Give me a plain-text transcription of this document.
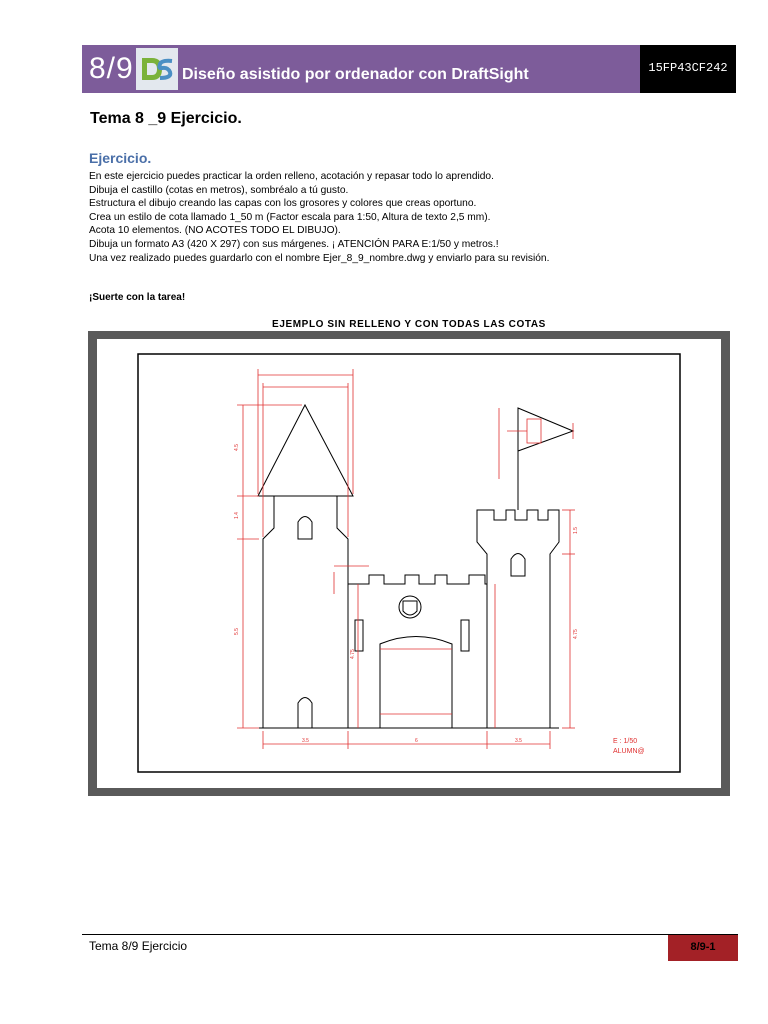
8/9	Diseño asistido por ordenador con DraftSight	15FP43CF242
Tema 8 _9 Ejercicio.
Ejercicio.
En este ejercicio puedes practicar la orden relleno, acotación y repasar todo lo aprendido.
Dibuja el castillo (cotas en metros), sombréalo a tú gusto.
Estructura el dibujo creando las capas con los grosores y colores que creas oportuno.
Crea un estilo de cota llamado 1_50 m (Factor escala para 1:50, Altura de texto 2,5 mm).
Acota 10 elementos. (NO ACOTES TODO EL DIBUJO).
Dibuja un formato A3 (420 X 297) con sus márgenes. ¡ ATENCIÓN PARA E:1/50 y metros.!
Una vez realizado puedes guardarlo con el nombre Ejer_8_9_nombre.dwg y enviarlo para su revisión.
¡Suerte con la tarea!
EJEMPLO SIN RELLENO Y CON TODAS LAS COTAS
3.5	6	3.5
4.5
1.4
5.5
4.75
4.75
1.5
E : 1/50
ALUMN@
Tema 8/9 Ejercicio	8/9-1
